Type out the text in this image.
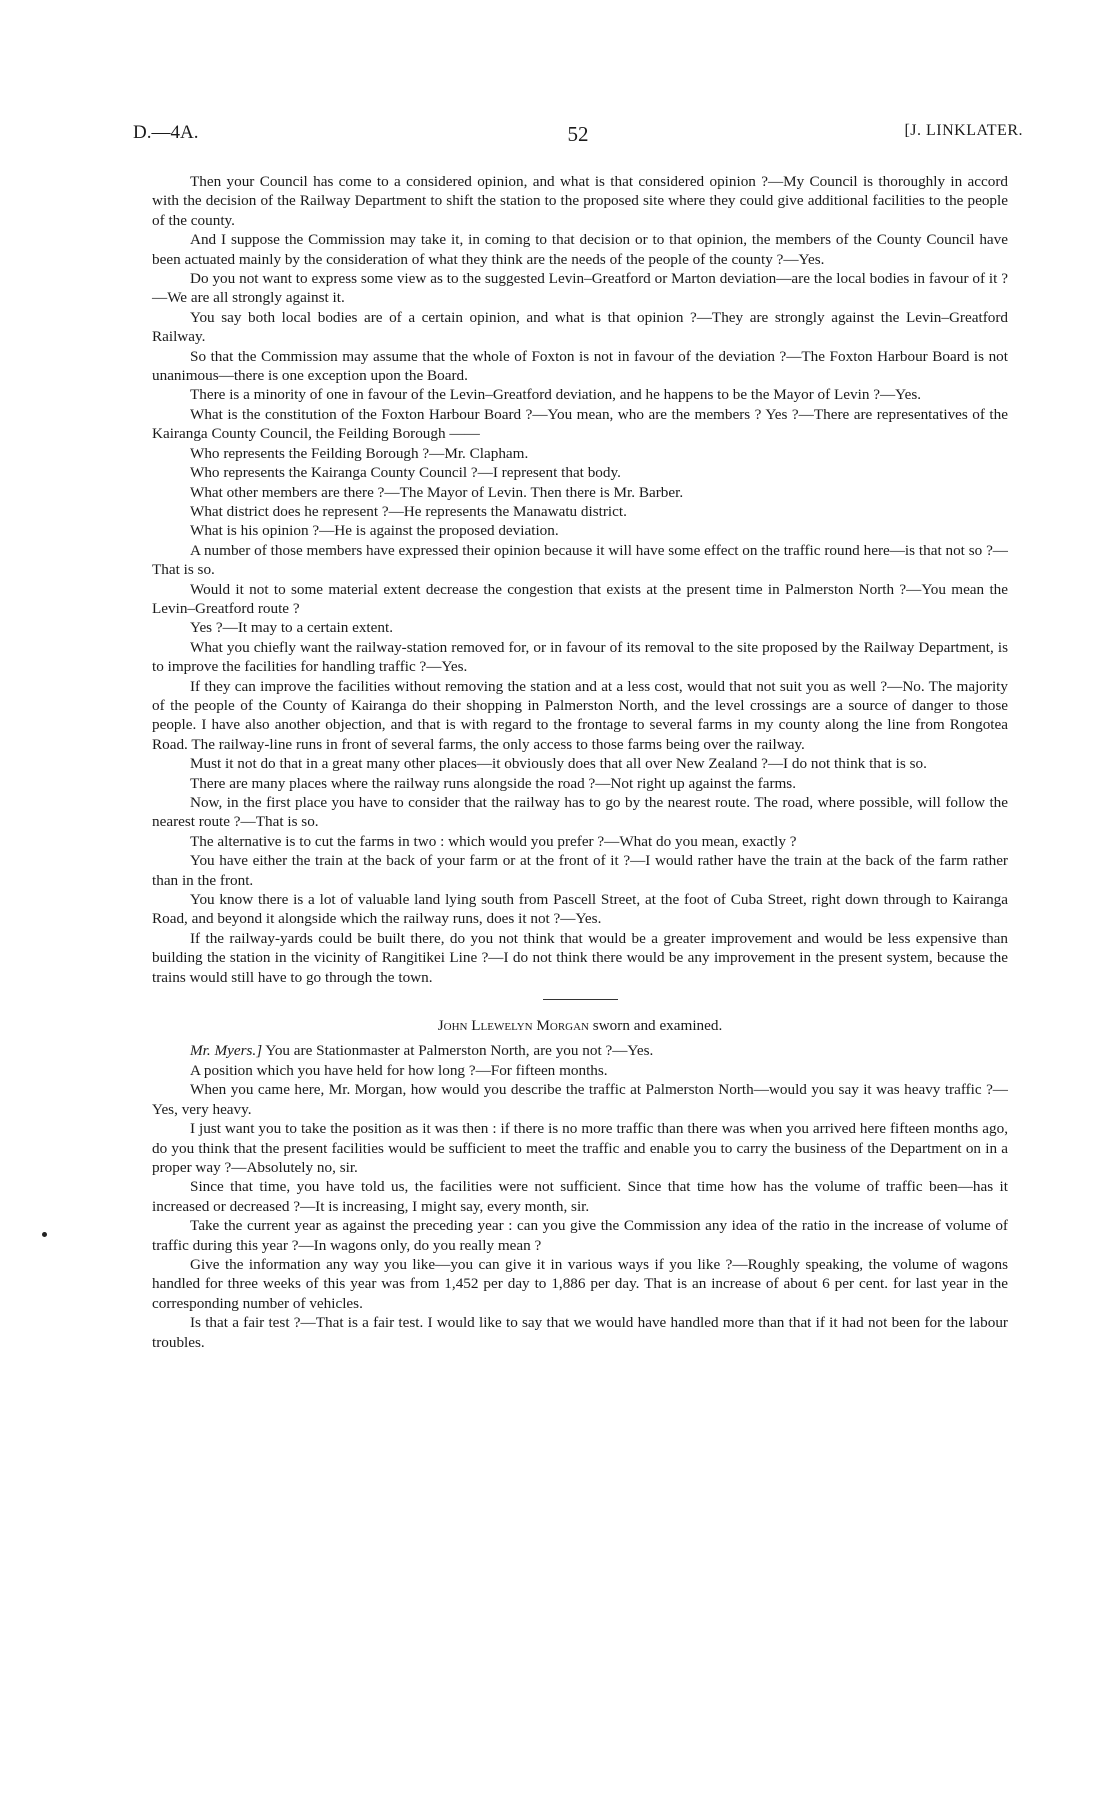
D.—4A.	52	[J. LINKLATER.

Then your Council has come to a considered opinion, and what is that considered opinion ?—My Council is thoroughly in accord with the decision of the Railway Department to shift the station to the proposed site where they could give additional facilities to the people of the county.

And I suppose the Commission may take it, in coming to that decision or to that opinion, the members of the County Council have been actuated mainly by the consideration of what they think are the needs of the people of the county ?—Yes.

Do you not want to express some view as to the suggested Levin–Greatford or Marton deviation—are the local bodies in favour of it ?—We are all strongly against it.

You say both local bodies are of a certain opinion, and what is that opinion ?—They are strongly against the Levin–Greatford Railway.

So that the Commission may assume that the whole of Foxton is not in favour of the deviation ?—The Foxton Harbour Board is not unanimous—there is one exception upon the Board.

There is a minority of one in favour of the Levin–Greatford deviation, and he happens to be the Mayor of Levin ?—Yes.

What is the constitution of the Foxton Harbour Board ?—You mean, who are the members ? Yes ?—There are representatives of the Kairanga County Council, the Feilding Borough ——

Who represents the Feilding Borough ?—Mr. Clapham.

Who represents the Kairanga County Council ?—I represent that body.

What other members are there ?—The Mayor of Levin. Then there is Mr. Barber.

What district does he represent ?—He represents the Manawatu district.

What is his opinion ?—He is against the proposed deviation.

A number of those members have expressed their opinion because it will have some effect on the traffic round here—is that not so ?—That is so.

Would it not to some material extent decrease the congestion that exists at the present time in Palmerston North ?—You mean the Levin–Greatford route ?

Yes ?—It may to a certain extent.

What you chiefly want the railway-station removed for, or in favour of its removal to the site proposed by the Railway Department, is to improve the facilities for handling traffic ?—Yes.

If they can improve the facilities without removing the station and at a less cost, would that not suit you as well ?—No. The majority of the people of the County of Kairanga do their shopping in Palmerston North, and the level crossings are a source of danger to those people. I have also another objection, and that is with regard to the frontage to several farms in my county along the line from Rongotea Road. The railway-line runs in front of several farms, the only access to those farms being over the railway.

Must it not do that in a great many other places—it obviously does that all over New Zealand ?—I do not think that is so.

There are many places where the railway runs alongside the road ?—Not right up against the farms.

Now, in the first place you have to consider that the railway has to go by the nearest route. The road, where possible, will follow the nearest route ?—That is so.

The alternative is to cut the farms in two : which would you prefer ?—What do you mean, exactly ?

You have either the train at the back of your farm or at the front of it ?—I would rather have the train at the back of the farm rather than in the front.

You know there is a lot of valuable land lying south from Pascell Street, at the foot of Cuba Street, right down through to Kairanga Road, and beyond it alongside which the railway runs, does it not ?—Yes.

If the railway-yards could be built there, do you not think that would be a greater improvement and would be less expensive than building the station in the vicinity of Rangitikei Line ?—I do not think there would be any improvement in the present system, because the trains would still have to go through the town.

John Llewelyn Morgan sworn and examined.

Mr. Myers.] You are Stationmaster at Palmerston North, are you not ?—Yes.

A position which you have held for how long ?—For fifteen months.

When you came here, Mr. Morgan, how would you describe the traffic at Palmerston North—would you say it was heavy traffic ?—Yes, very heavy.

I just want you to take the position as it was then : if there is no more traffic than there was when you arrived here fifteen months ago, do you think that the present facilities would be sufficient to meet the traffic and enable you to carry the business of the Department on in a proper way ?—Absolutely no, sir.

Since that time, you have told us, the facilities were not sufficient. Since that time how has the volume of traffic been—has it increased or decreased ?—It is increasing, I might say, every month, sir.

Take the current year as against the preceding year : can you give the Commission any idea of the ratio in the increase of volume of traffic during this year ?—In wagons only, do you really mean ?

Give the information any way you like—you can give it in various ways if you like ?—Roughly speaking, the volume of wagons handled for three weeks of this year was from 1,452 per day to 1,886 per day. That is an increase of about 6 per cent. for last year in the corresponding number of vehicles.

Is that a fair test ?—That is a fair test. I would like to say that we would have handled more than that if it had not been for the labour troubles.
